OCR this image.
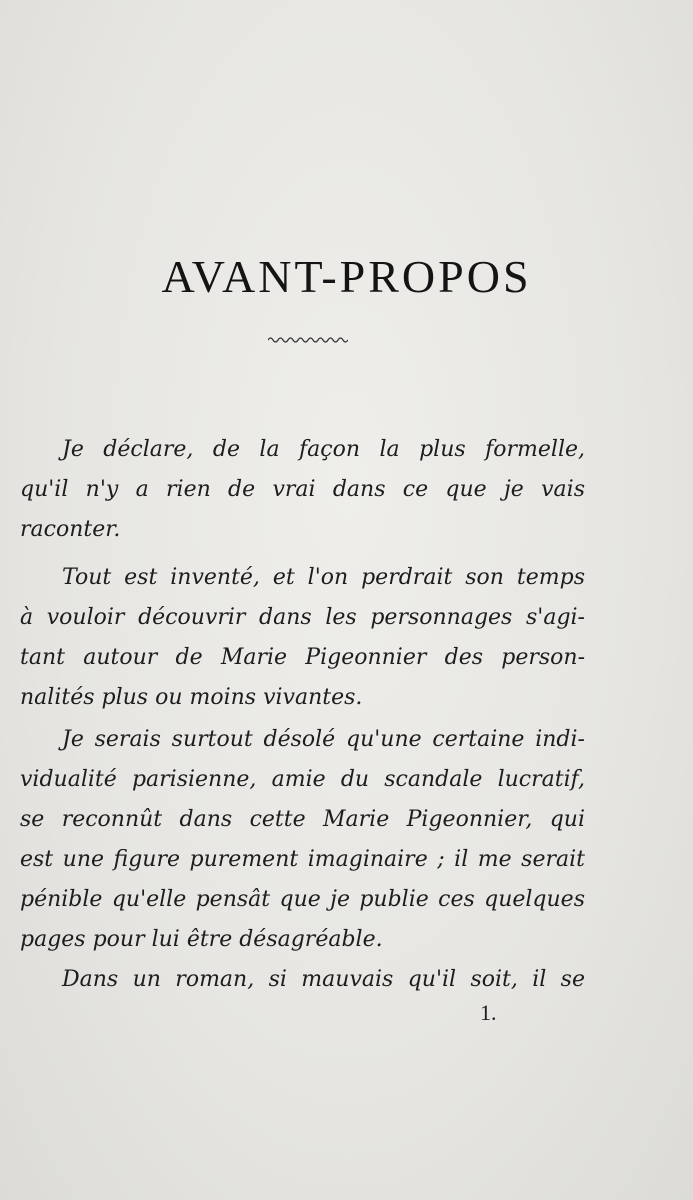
AVANT-PROPOS
Je déclare, de la façon la plus formelle,
qu'il n'y a rien de vrai dans ce que je vais
raconter.
Tout est inventé, et l'on perdrait son temps
à vouloir découvrir dans les personnages s'agi-
tant autour de Marie Pigeonnier des person-
nalités plus ou moins vivantes.
Je serais surtout désolé qu'une certaine indi-
vidualité parisienne, amie du scandale lucratif,
se reconnût dans cette Marie Pigeonnier, qui
est une figure purement imaginaire ; il me serait
pénible qu'elle pensât que je publie ces quelques
pages pour lui être désagréable.
Dans un roman, si mauvais qu'il soit, il se
1.
